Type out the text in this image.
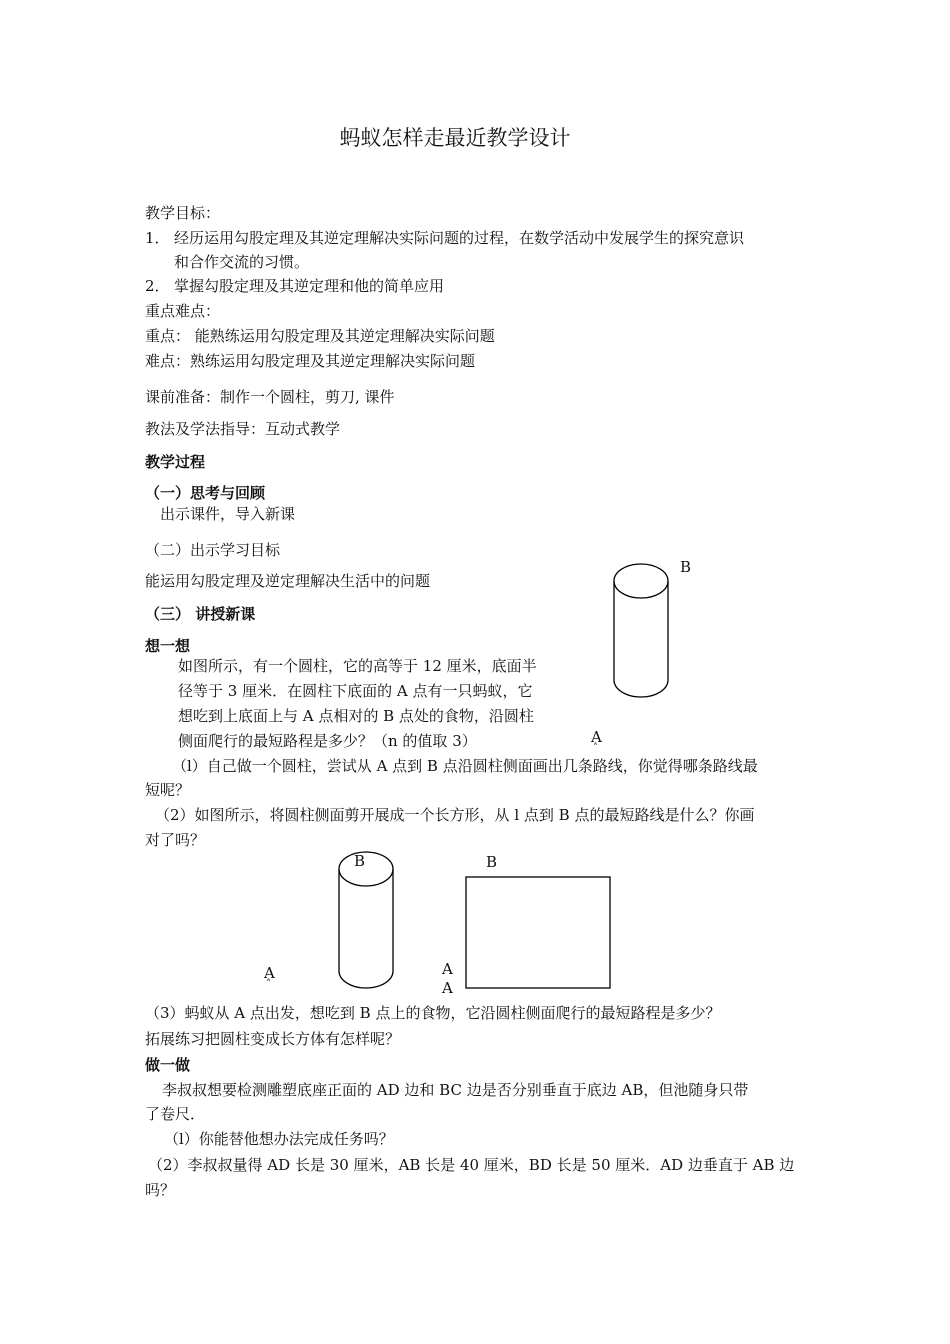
蚂蚁怎样走最近教学设计
教学目标：
1． 经历运用勾股定理及其逆定理解决实际问题的过程，在数学活动中发展学生的探究意识
和合作交流的习惯。
2． 掌握勾股定理及其逆定理和他的简单应用
重点难点：
重点： 能熟练运用勾股定理及其逆定理解决实际问题
难点：熟练运用勾股定理及其逆定理解决实际问题
课前准备：制作一个圆柱，剪刀, 课件
教法及学法指导：互动式教学
教学过程
（一）思考与回顾
出示课件，导入新课
（二）出示学习目标
能运用勾股定理及逆定理解决生活中的问题
（三） 讲授新课
想一想
如图所示，有一个圆柱，它的高等于 12 厘米，底面半
径等于 3 厘米．在圆柱下底面的 A 点有一只蚂蚁，它
想吃到上底面上与 A 点相对的 B 点处的食物，沿圆柱
侧面爬行的最短路程是多少？（n 的值取 3）
（l）自己做一个圆柱，尝试从 A 点到 B 点沿圆柱侧面画出几条路线，你觉得哪条路线最
短呢？
（2）如图所示，将圆柱侧面剪开展成一个长方形，从 l 点到 B 点的最短路线是什么？你画
对了吗？
B
A
˄
B
A
˄
B
A
A
（3）蚂蚁从 A 点出发，想吃到 B 点上的食物，它沿圆柱侧面爬行的最短路程是多少？
拓展练习把圆柱变成长方体有怎样呢？
做一做
李叔叔想要检测雕塑底座正面的 AD 边和 BC 边是否分别垂直于底边 AB，但池随身只带
了卷尺．
（l）你能替他想办法完成任务吗？
（2）李叔叔量得 AD 长是 30 厘米，AB 长是 40 厘米，BD 长是 50 厘米．AD 边垂直于 AB 边
吗？
